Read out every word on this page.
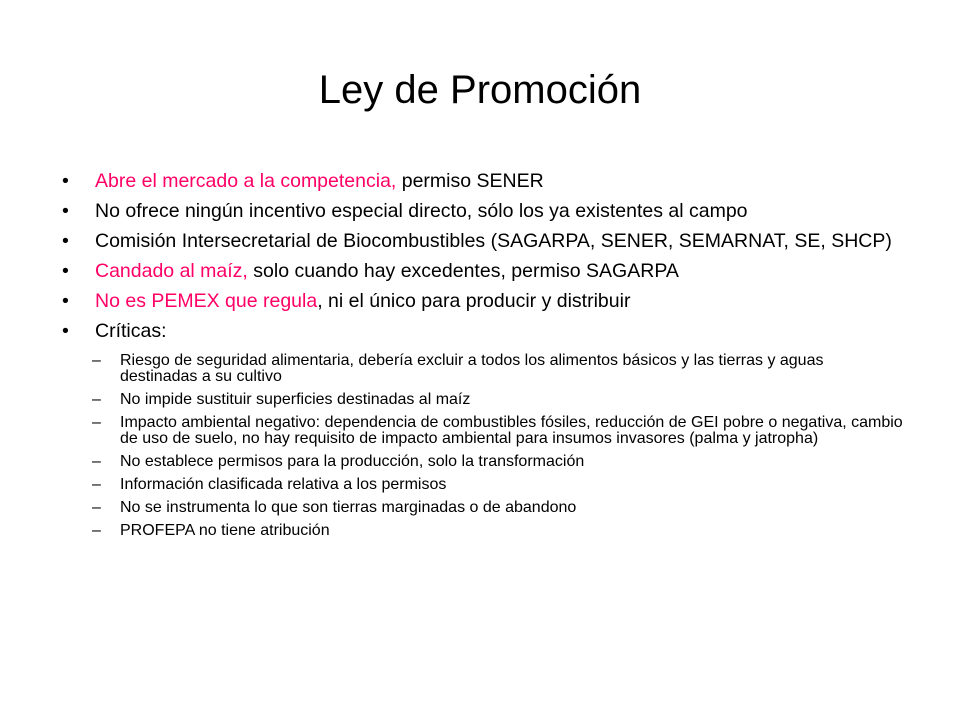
Ley de Promoción
•	Abre el mercado a la competencia, permiso SENER
•	No ofrece ningún incentivo especial directo, sólo los ya existentes al campo
•	Comisión Intersecretarial de Biocombustibles (SAGARPA, SENER, SEMARNAT, SE, SHCP)
•	Candado al maíz, solo cuando hay excedentes, permiso SAGARPA
•	No es PEMEX que regula, ni el único para producir y distribuir
•	Críticas:
– Riesgo de seguridad alimentaria, debería excluir a todos los alimentos básicos y las tierras y aguas destinadas a su cultivo
– No impide sustituir superficies destinadas al maíz
– Impacto ambiental negativo: dependencia de combustibles fósiles, reducción de GEI pobre o negativa, cambio de uso de suelo, no hay requisito de impacto ambiental para insumos invasores (palma y jatropha)
– No establece permisos para la producción, solo la transformación
– Información clasificada relativa a los permisos
– No se instrumenta lo que son tierras marginadas o de abandono
– PROFEPA no tiene atribución
